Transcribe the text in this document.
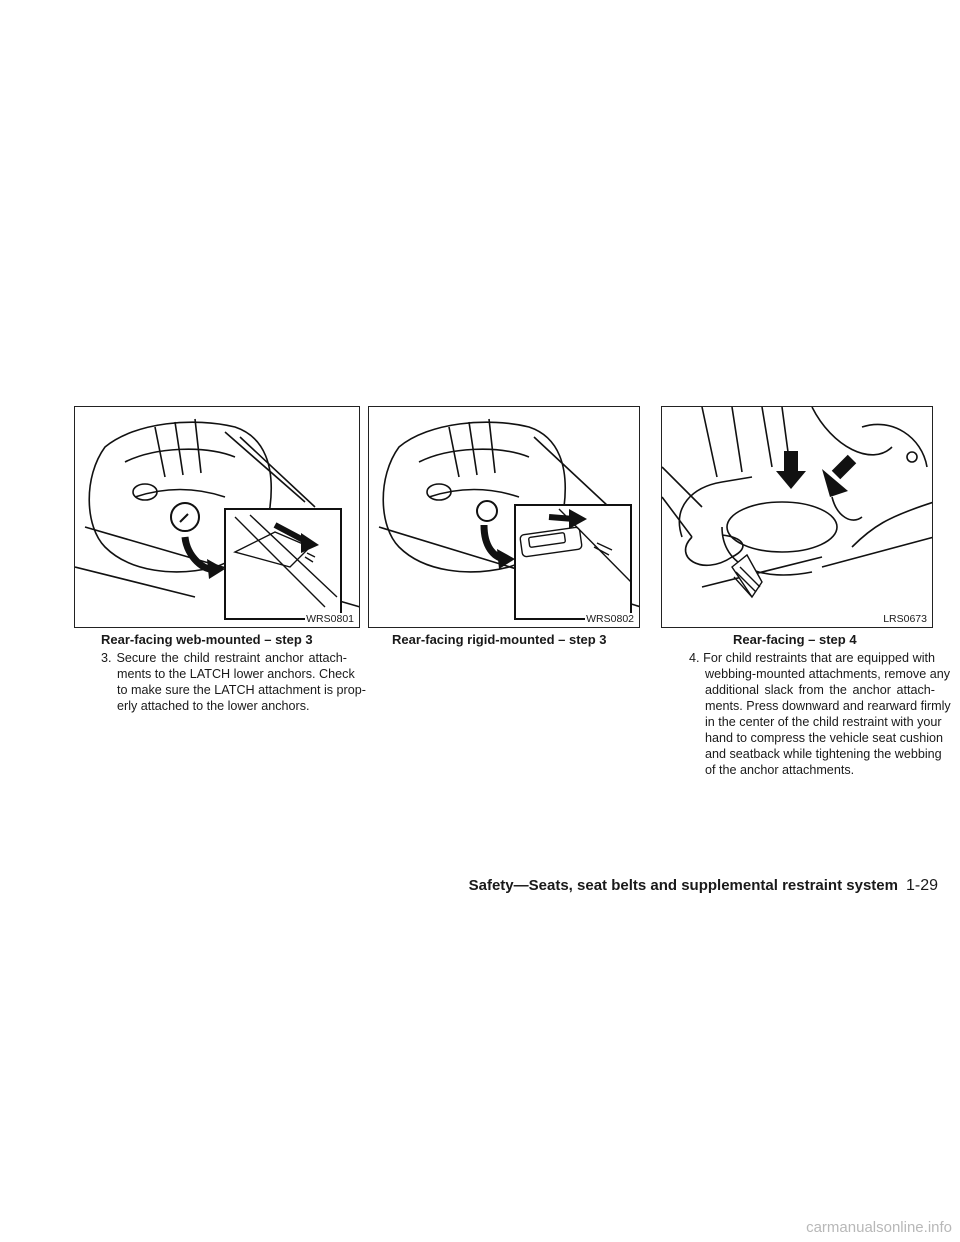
WRS0801	WRS0802	LRS0673
Rear-facing web-mounted – step 3	Rear-facing rigid-mounted – step 3	Rear-facing – step 4
3. Secure the child restraint anchor attach-
ments to the LATCH lower anchors. Check
to make sure the LATCH attachment is prop-
erly attached to the lower anchors.
4. For child restraints that are equipped with
webbing-mounted attachments, remove any
additional slack from the anchor attach-
ments. Press downward and rearward firmly
in the center of the child restraint with your
hand to compress the vehicle seat cushion
and seatback while tightening the webbing
of the anchor attachments.
Safety—Seats, seat belts and supplemental restraint system 1-29
carmanualsonline.info
